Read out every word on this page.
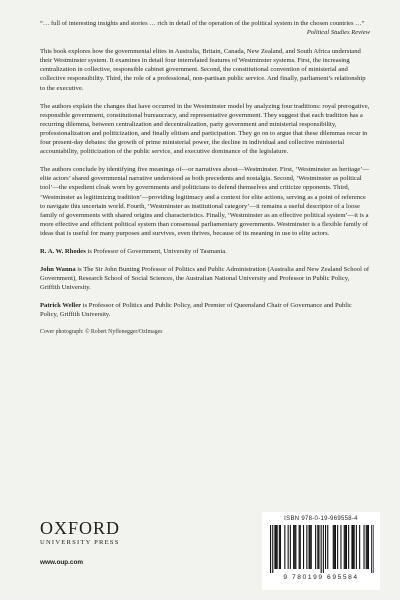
“… full of interesting insights and stories … rich in detail of the operation of the political system in the chosen countries …”
Political Studies Review

This book explores how the governmental elites in Australia, Britain, Canada, New Zealand, and South Africa understand their Westminster system. It examines in detail four interrelated features of Westminster systems. First, the increasing centralization in collective, responsible cabinet government. Second, the constitutional convention of ministerial and collective responsibility. Third, the role of a professional, non-partisan public service. And finally, parliament’s relationship to the executive.

The authors explain the changes that have occurred in the Westminster model by analyzing four traditions: royal prerogative, responsible government, constitutional bureaucracy, and representative government. They suggest that each tradition has a recurring dilemma, between centralization and decentralization, party government and ministerial responsibility, professionalization and politicization, and finally elitism and participation. They go on to argue that these dilemmas recur in four present-day debates: the growth of prime ministerial power, the decline in individual and collective ministerial accountability, politicization of the public service, and executive dominance of the legislature.

The authors conclude by identifying five meanings of—or narratives about—Westminster. First, ‘Westminster as heritage’—elite actors’ shared governmental narrative understood as both precedents and nostalgia. Second, ‘Westminster as political tool’—the expedient cloak worn by governments and politicians to defend themselves and criticize opponents. Third, ‘Westminster as legitimizing tradition’—providing legitimacy and a context for elite actions, serving as a point of reference to navigate this uncertain world. Fourth, ‘Westminster as institutional category’—it remains a useful descriptor of a loose family of governments with shared origins and characteristics. Finally, ‘Westminster as an effective political system’—it is a more effective and efficient political system than consensual parliamentary governments. Westminster is a flexible family of ideas that is useful for many purposes and survives, even thrives, because of its meaning in use to elite actors.

R. A. W. Rhodes is Professor of Government, University of Tasmania.

John Wanna is The Sir John Bunting Professor of Politics and Public Administration (Australia and New Zealand School of Government), Research School of Social Sciences, the Australian National University and Professor in Public Policy, Griffith University.

Patrick Weller is Professor of Politics and Public Policy, and Premier of Queensland Chair of Governance and Public Policy, Griffith University.

Cover photograph: © Robert Nyffenegger/OzImages

OXFORD
UNIVERSITY PRESS
www.oup.com
ISBN 978-0-19-969558-4
9 780199 695584
